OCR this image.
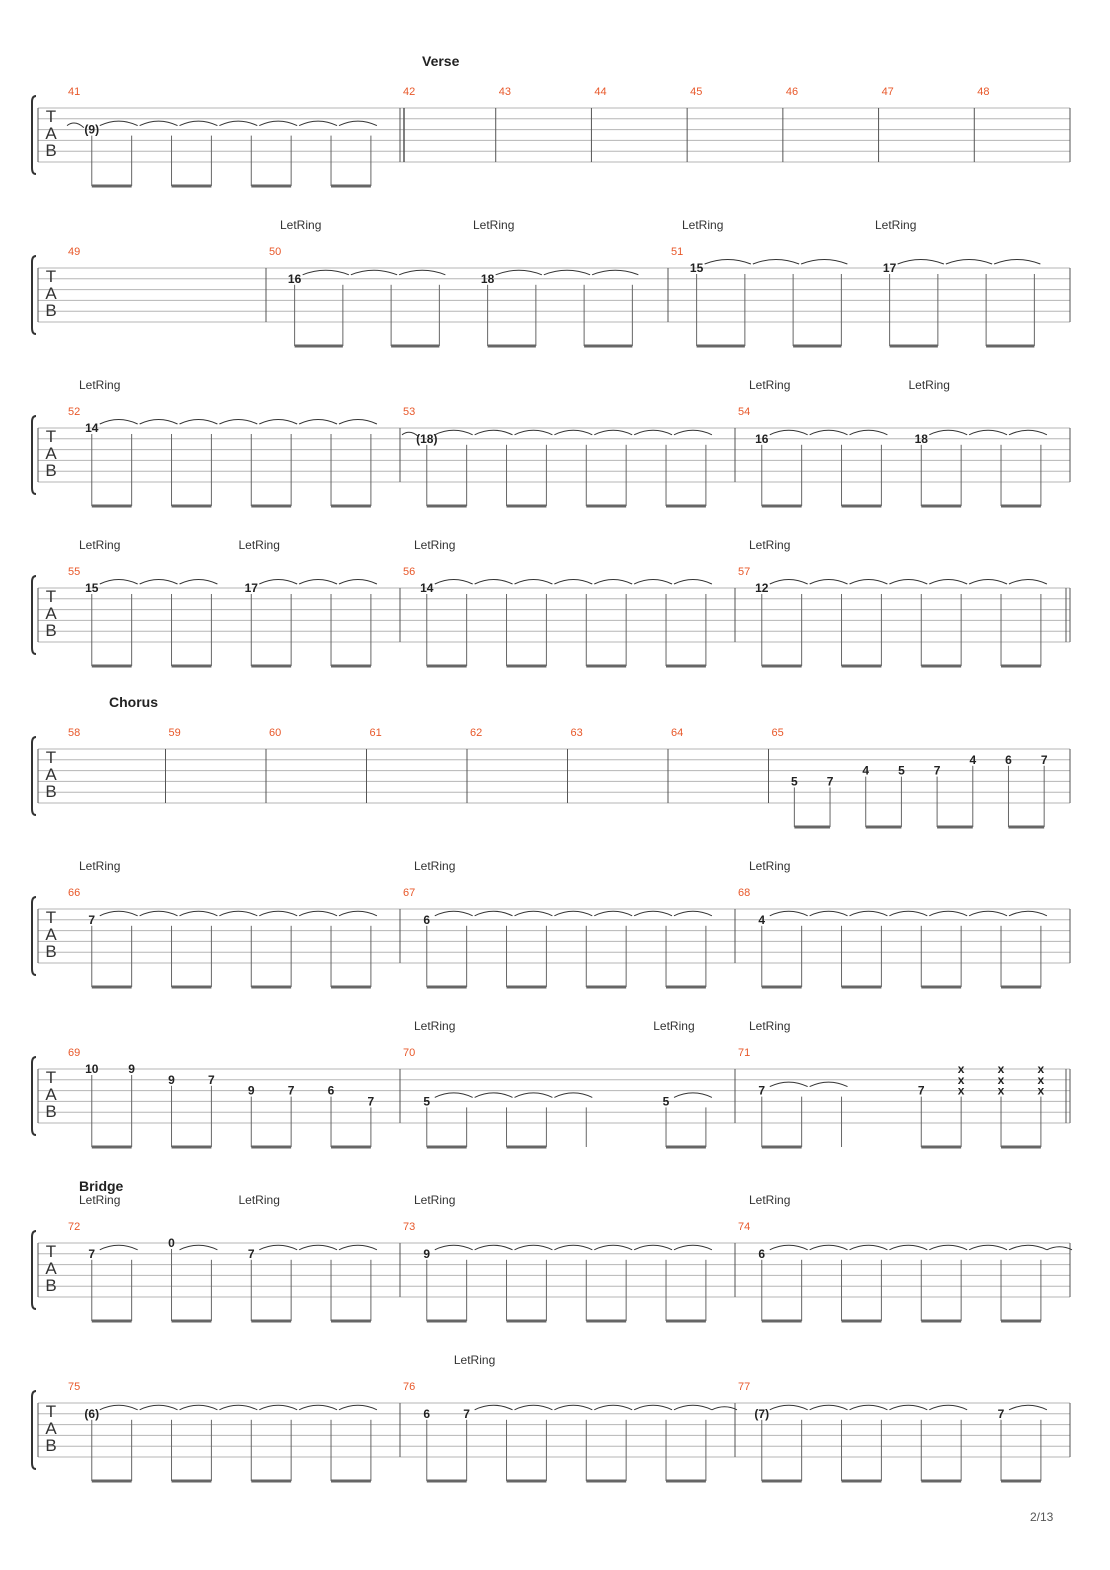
T
A
B
41
(9)
42	43	44	45	46	47	48
Verse
T
A
B
49	50
16	18
51
15	17
LetRing	LetRing	LetRing	LetRing
T
A
B
52
14
53
(18)
54
16	18
LetRing	LetRing	LetRing
T
A
B
55
15	17
56
14
57
12
LetRing	LetRing	LetRing	LetRing
T
A
B
58	59	60	61	62	63	64	65
5 7
4 5 7
4 6 7
Chorus
T
A
B
66
7
67
6
68
4
LetRing	LetRing	LetRing
T
A
B
69
10 9
9	7
9	7	6
7
70
5	5
71
7	7
x
x
x
x
x
x
x
x
x
LetRing	LetRing	LetRing
T
A
B
72
7
0
7
73
9
74
6
LetRing	LetRing	LetRing	LetRing
Bridge
T
A
B
75
(6)
76
6	7
77
(7)	7
LetRing
2/13
